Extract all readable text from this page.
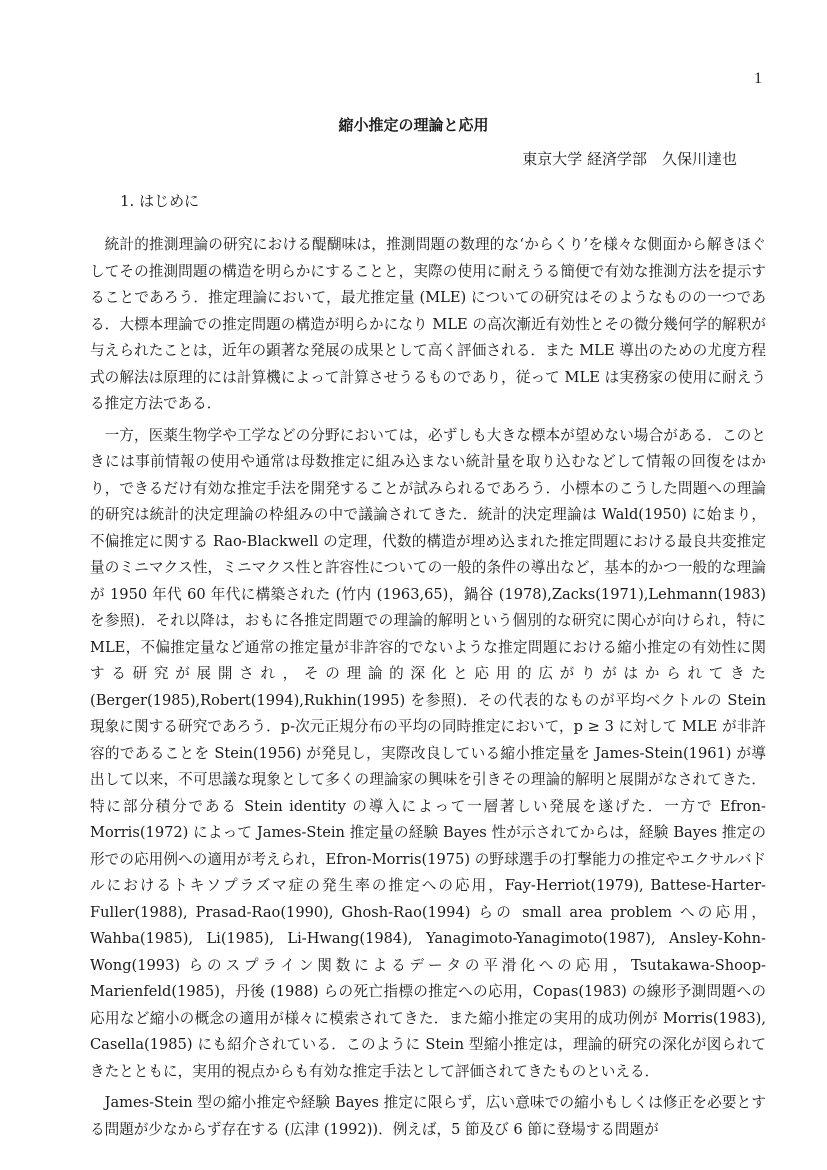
1
縮小推定の理論と応用
東京大学 経済学部　久保川達也
1. はじめに

統計的推測理論の研究における醍醐味は，推測問題の数理的な‘からくり’を様々な側面から解きほぐしてその推測問題の構造を明らかにすることと，実際の使用に耐えうる簡便で有効な推測方法を提示することであろう．推定理論において，最尤推定量 (MLE) についての研究はそのようなものの一つである．大標本理論での推定問題の構造が明らかになり MLE の高次漸近有効性とその微分幾何学的解釈が与えられたことは，近年の顕著な発展の成果として高く評価される．また MLE 導出のための尤度方程式の解法は原理的には計算機によって計算させうるものであり，従って MLE は実務家の使用に耐えうる推定方法である．

一方，医薬生物学や工学などの分野においては，必ずしも大きな標本が望めない場合がある．このときには事前情報の使用や通常は母数推定に組み込まない統計量を取り込むなどして情報の回復をはかり，できるだけ有効な推定手法を開発することが試みられるであろう．小標本のこうした問題への理論的研究は統計的決定理論の枠組みの中で議論されてきた．統計的決定理論は Wald(1950) に始まり，不偏推定に関する Rao-Blackwell の定理，代数的構造が埋め込まれた推定問題における最良共変推定量のミニマクス性，ミニマクス性と許容性についての一般的条件の導出など，基本的かつ一般的な理論が 1950 年代 60 年代に構築された (竹内 (1963,65)，鍋谷 (1978),Zacks(1971),Lehmann(1983) を参照)．それ以降は，おもに各推定問題での理論的解明という個別的な研究に関心が向けられ，特に MLE，不偏推定量など通常の推定量が非許容的でないような推定問題における縮小推定の有効性に関する研究が展開され，その理論的深化と応用的広がりがはかられてきた (Berger(1985),Robert(1994),Rukhin(1995) を参照)．その代表的なものが平均ベクトルの Stein 現象に関する研究であろう．p-次元正規分布の平均の同時推定において，p ≥ 3 に対して MLE が非許容的であることを Stein(1956) が発見し，実際改良している縮小推定量を James-Stein(1961) が導出して以来，不可思議な現象として多くの理論家の興味を引きその理論的解明と展開がなされてきた．特に部分積分である Stein identity の導入によって一層著しい発展を遂げた．一方で Efron-Morris(1972) によって James-Stein 推定量の経験 Bayes 性が示されてからは，経験 Bayes 推定の形での応用例への適用が考えられ，Efron-Morris(1975) の野球選手の打撃能力の推定やエクサルバドルにおけるトキソプラズマ症の発生率の推定への応用，Fay-Herriot(1979), Battese-Harter-Fuller(1988), Prasad-Rao(1990), Ghosh-Rao(1994) らの small area problem への応用，Wahba(1985), Li(1985), Li-Hwang(1984), Yanagimoto-Yanagimoto(1987), Ansley-Kohn-Wong(1993) らのスプライン関数によるデータの平滑化への応用，Tsutakawa-Shoop-Marienfeld(1985)，丹後 (1988) らの死亡指標の推定への応用，Copas(1983) の線形予測問題への応用など縮小の概念の適用が様々に模索されてきた．また縮小推定の実用的成功例が Morris(1983), Casella(1985) にも紹介されている．このように Stein 型縮小推定は，理論的研究の深化が図られてきたとともに，実用的視点からも有効な推定手法として評価されてきたものといえる．

James-Stein 型の縮小推定や経験 Bayes 推定に限らず，広い意味での縮小もしくは修正を必要とする問題が少なからず存在する (広津 (1992))．例えば，5 節及び 6 節に登場する問題が
